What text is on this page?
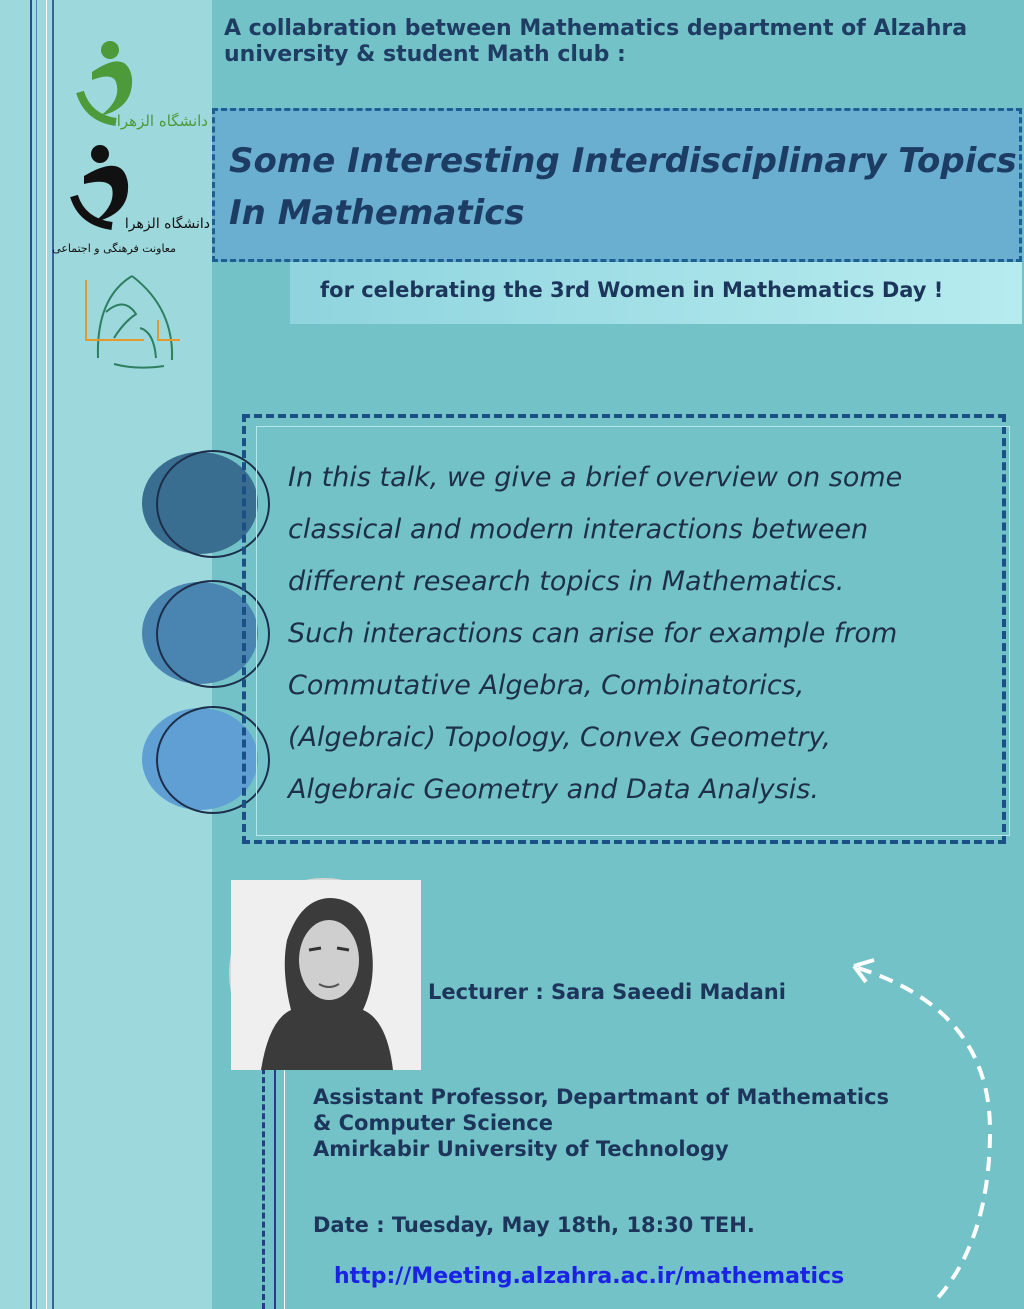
دانشگاه الزهرا
دانشگاه الزهرا
معاونت فرهنگی و اجتماعی
A collabration between Mathematics department of Alzahra
university & student Math club :
Some Interesting Interdisciplinary Topics
In Mathematics
for celebrating the 3rd Women in Mathematics Day !
In this talk, we give a brief overview on some
classical and modern interactions between
different research topics in Mathematics.
Such interactions can arise for example from
Commutative Algebra, Combinatorics,
(Algebraic) Topology, Convex Geometry,
Algebraic Geometry and Data Analysis.
Lecturer : Sara Saeedi Madani
Assistant Professor, Departmant of Mathematics
& Computer Science
Amirkabir University of Technology
Date : Tuesday, May 18th, 18:30 TEH.
http://Meeting.alzahra.ac.ir/mathematics
